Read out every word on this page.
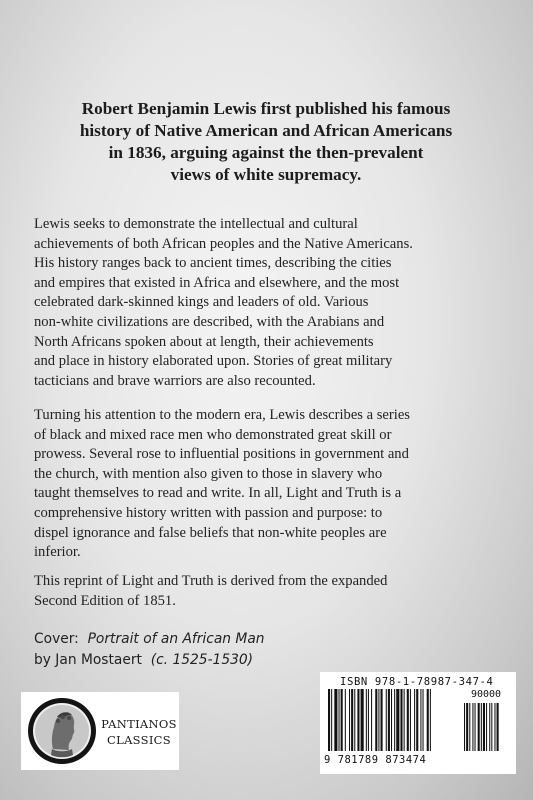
Robert Benjamin Lewis first published his famous
history of Native American and African Americans
in 1836, arguing against the then-prevalent
views of white supremacy.
Lewis seeks to demonstrate the intellectual and cultural
achievements of both African peoples and the Native Americans.
His history ranges back to ancient times, describing the cities
and empires that existed in Africa and elsewhere, and the most
celebrated dark-skinned kings and leaders of old. Various
non-white civilizations are described, with the Arabians and
North Africans spoken about at length, their achievements
and place in history elaborated upon. Stories of great military
tacticians and brave warriors are also recounted.
Turning his attention to the modern era, Lewis describes a series
of black and mixed race men who demonstrated great skill or
prowess. Several rose to influential positions in government and
the church, with mention also given to those in slavery who
taught themselves to read and write. In all, Light and Truth is a
comprehensive history written with passion and purpose: to
dispel ignorance and false beliefs that non-white peoples are
inferior.
This reprint of Light and Truth is derived from the expanded
Second Edition of 1851.
Cover: Portrait of an African Man
by Jan Mostaert (c. 1525-1530)
PANTIANOS
CLASSICS
ISBN 978-1-78987-347-4
90000
9 781789 873474
